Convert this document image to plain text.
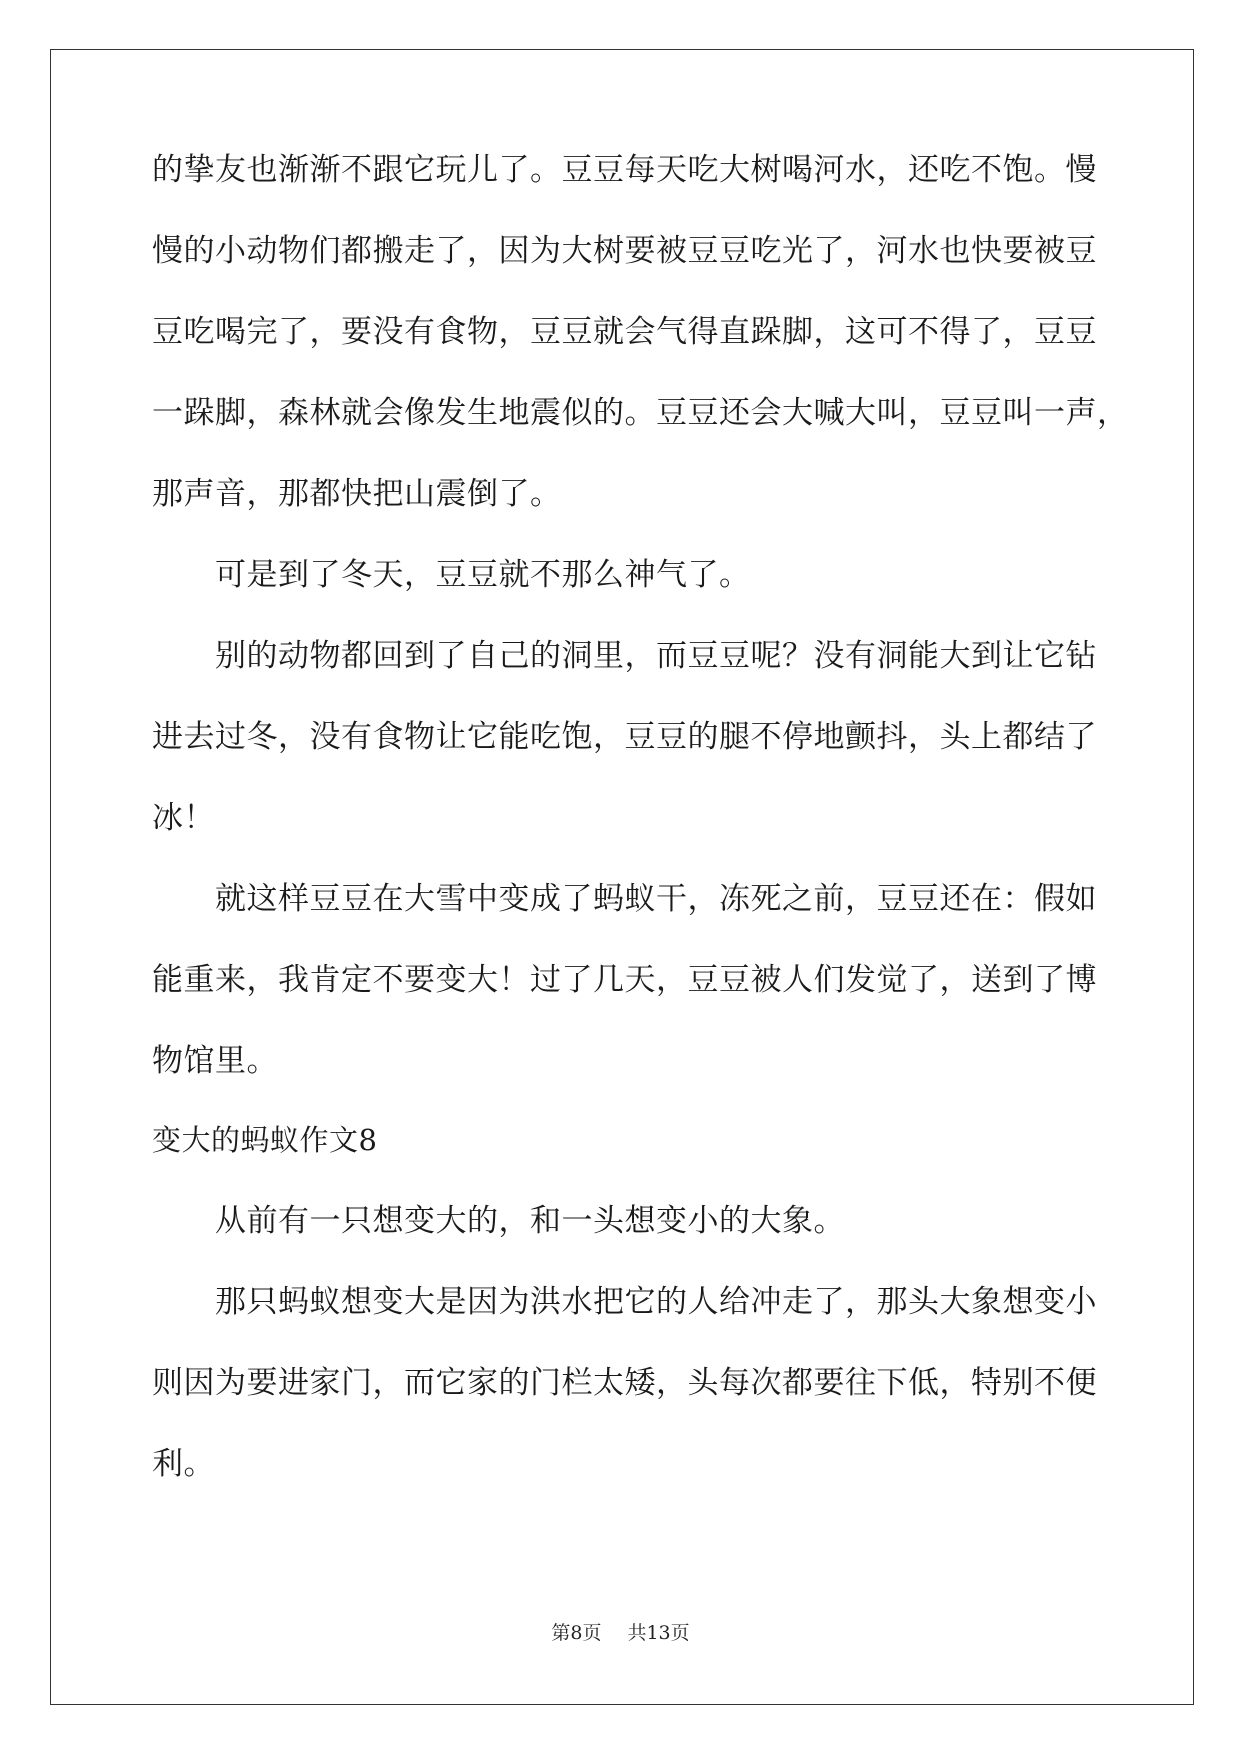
的挚友也渐渐不跟它玩儿了。豆豆每天吃大树喝河水，还吃不饱。慢
慢的小动物们都搬走了，因为大树要被豆豆吃光了，河水也快要被豆
豆吃喝完了，要没有食物，豆豆就会气得直跺脚，这可不得了，豆豆
一跺脚，森林就会像发生地震似的。豆豆还会大喊大叫，豆豆叫一声，
那声音，那都快把山震倒了。
可是到了冬天，豆豆就不那么神气了。
别的动物都回到了自己的洞里，而豆豆呢？没有洞能大到让它钻
进去过冬，没有食物让它能吃饱，豆豆的腿不停地颤抖，头上都结了
冰！
就这样豆豆在大雪中变成了蚂蚁干，冻死之前，豆豆还在：假如
能重来，我肯定不要变大！过了几天，豆豆被人们发觉了，送到了博
物馆里。
变大的蚂蚁作文8
从前有一只想变大的，和一头想变小的大象。
那只蚂蚁想变大是因为洪水把它的人给冲走了，那头大象想变小
则因为要进家门，而它家的门栏太矮，头每次都要往下低，特别不便
利。
第8页 共13页
